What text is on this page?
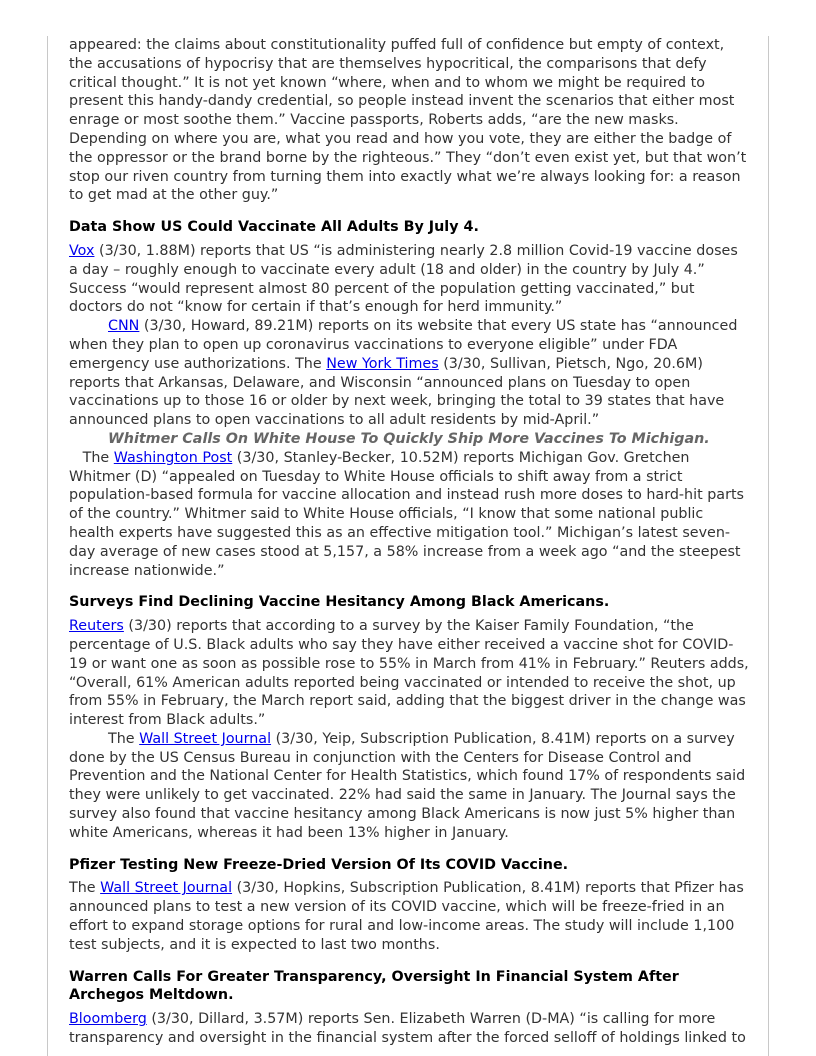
appeared: the claims about constitutionality puffed full of confidence but empty of context, the accusations of hypocrisy that are themselves hypocritical, the comparisons that defy critical thought.” It is not yet known “where, when and to whom we might be required to present this handy-dandy credential, so people instead invent the scenarios that either most enrage or most soothe them.” Vaccine passports, Roberts adds, “are the new masks. Depending on where you are, what you read and how you vote, they are either the badge of the oppressor or the brand borne by the righteous.” They “don’t even exist yet, but that won’t stop our riven country from turning them into exactly what we’re always looking for: a reason to get mad at the other guy.”

Data Show US Could Vaccinate All Adults By July 4.

Vox (3/30, 1.88M) reports that US “is administering nearly 2.8 million Covid-19 vaccine doses a day – roughly enough to vaccinate every adult (18 and older) in the country by July 4.” Success “would represent almost 80 percent of the population getting vaccinated,” but doctors do not “know for certain if that’s enough for herd immunity.”

CNN (3/30, Howard, 89.21M) reports on its website that every US state has “announced when they plan to open up coronavirus vaccinations to everyone eligible” under FDA emergency use authorizations. The New York Times (3/30, Sullivan, Pietsch, Ngo, 20.6M) reports that Arkansas, Delaware, and Wisconsin “announced plans on Tuesday to open vaccinations up to those 16 or older by next week, bringing the total to 39 states that have announced plans to open vaccinations to all adult residents by mid-April.”

Whitmer Calls On White House To Quickly Ship More Vaccines To Michigan.   The Washington Post (3/30, Stanley-Becker, 10.52M) reports Michigan Gov. Gretchen Whitmer (D) “appealed on Tuesday to White House officials to shift away from a strict population-based formula for vaccine allocation and instead rush more doses to hard-hit parts of the country.” Whitmer said to White House officials, “I know that some national public health experts have suggested this as an effective mitigation tool.” Michigan’s latest seven-day average of new cases stood at 5,157, a 58% increase from a week ago “and the steepest increase nationwide.”

Surveys Find Declining Vaccine Hesitancy Among Black Americans.

Reuters (3/30) reports that according to a survey by the Kaiser Family Foundation, “the percentage of U.S. Black adults who say they have either received a vaccine shot for COVID-19 or want one as soon as possible rose to 55% in March from 41% in February.” Reuters adds, “Overall, 61% American adults reported being vaccinated or intended to receive the shot, up from 55% in February, the March report said, adding that the biggest driver in the change was interest from Black adults.”

The Wall Street Journal (3/30, Yeip, Subscription Publication, 8.41M) reports on a survey done by the US Census Bureau in conjunction with the Centers for Disease Control and Prevention and the National Center for Health Statistics, which found 17% of respondents said they were unlikely to get vaccinated. 22% had said the same in January. The Journal says the survey also found that vaccine hesitancy among Black Americans is now just 5% higher than white Americans, whereas it had been 13% higher in January.

Pfizer Testing New Freeze-Dried Version Of Its COVID Vaccine.

The Wall Street Journal (3/30, Hopkins, Subscription Publication, 8.41M) reports that Pfizer has announced plans to test a new version of its COVID vaccine, which will be freeze-fried in an effort to expand storage options for rural and low-income areas. The study will include 1,100 test subjects, and it is expected to last two months.

Warren Calls For Greater Transparency, Oversight In Financial System After Archegos Meltdown.

Bloomberg (3/30, Dillard, 3.57M) reports Sen. Elizabeth Warren (D-MA) “is calling for more transparency and oversight in the financial system after the forced selloff of holdings linked to
